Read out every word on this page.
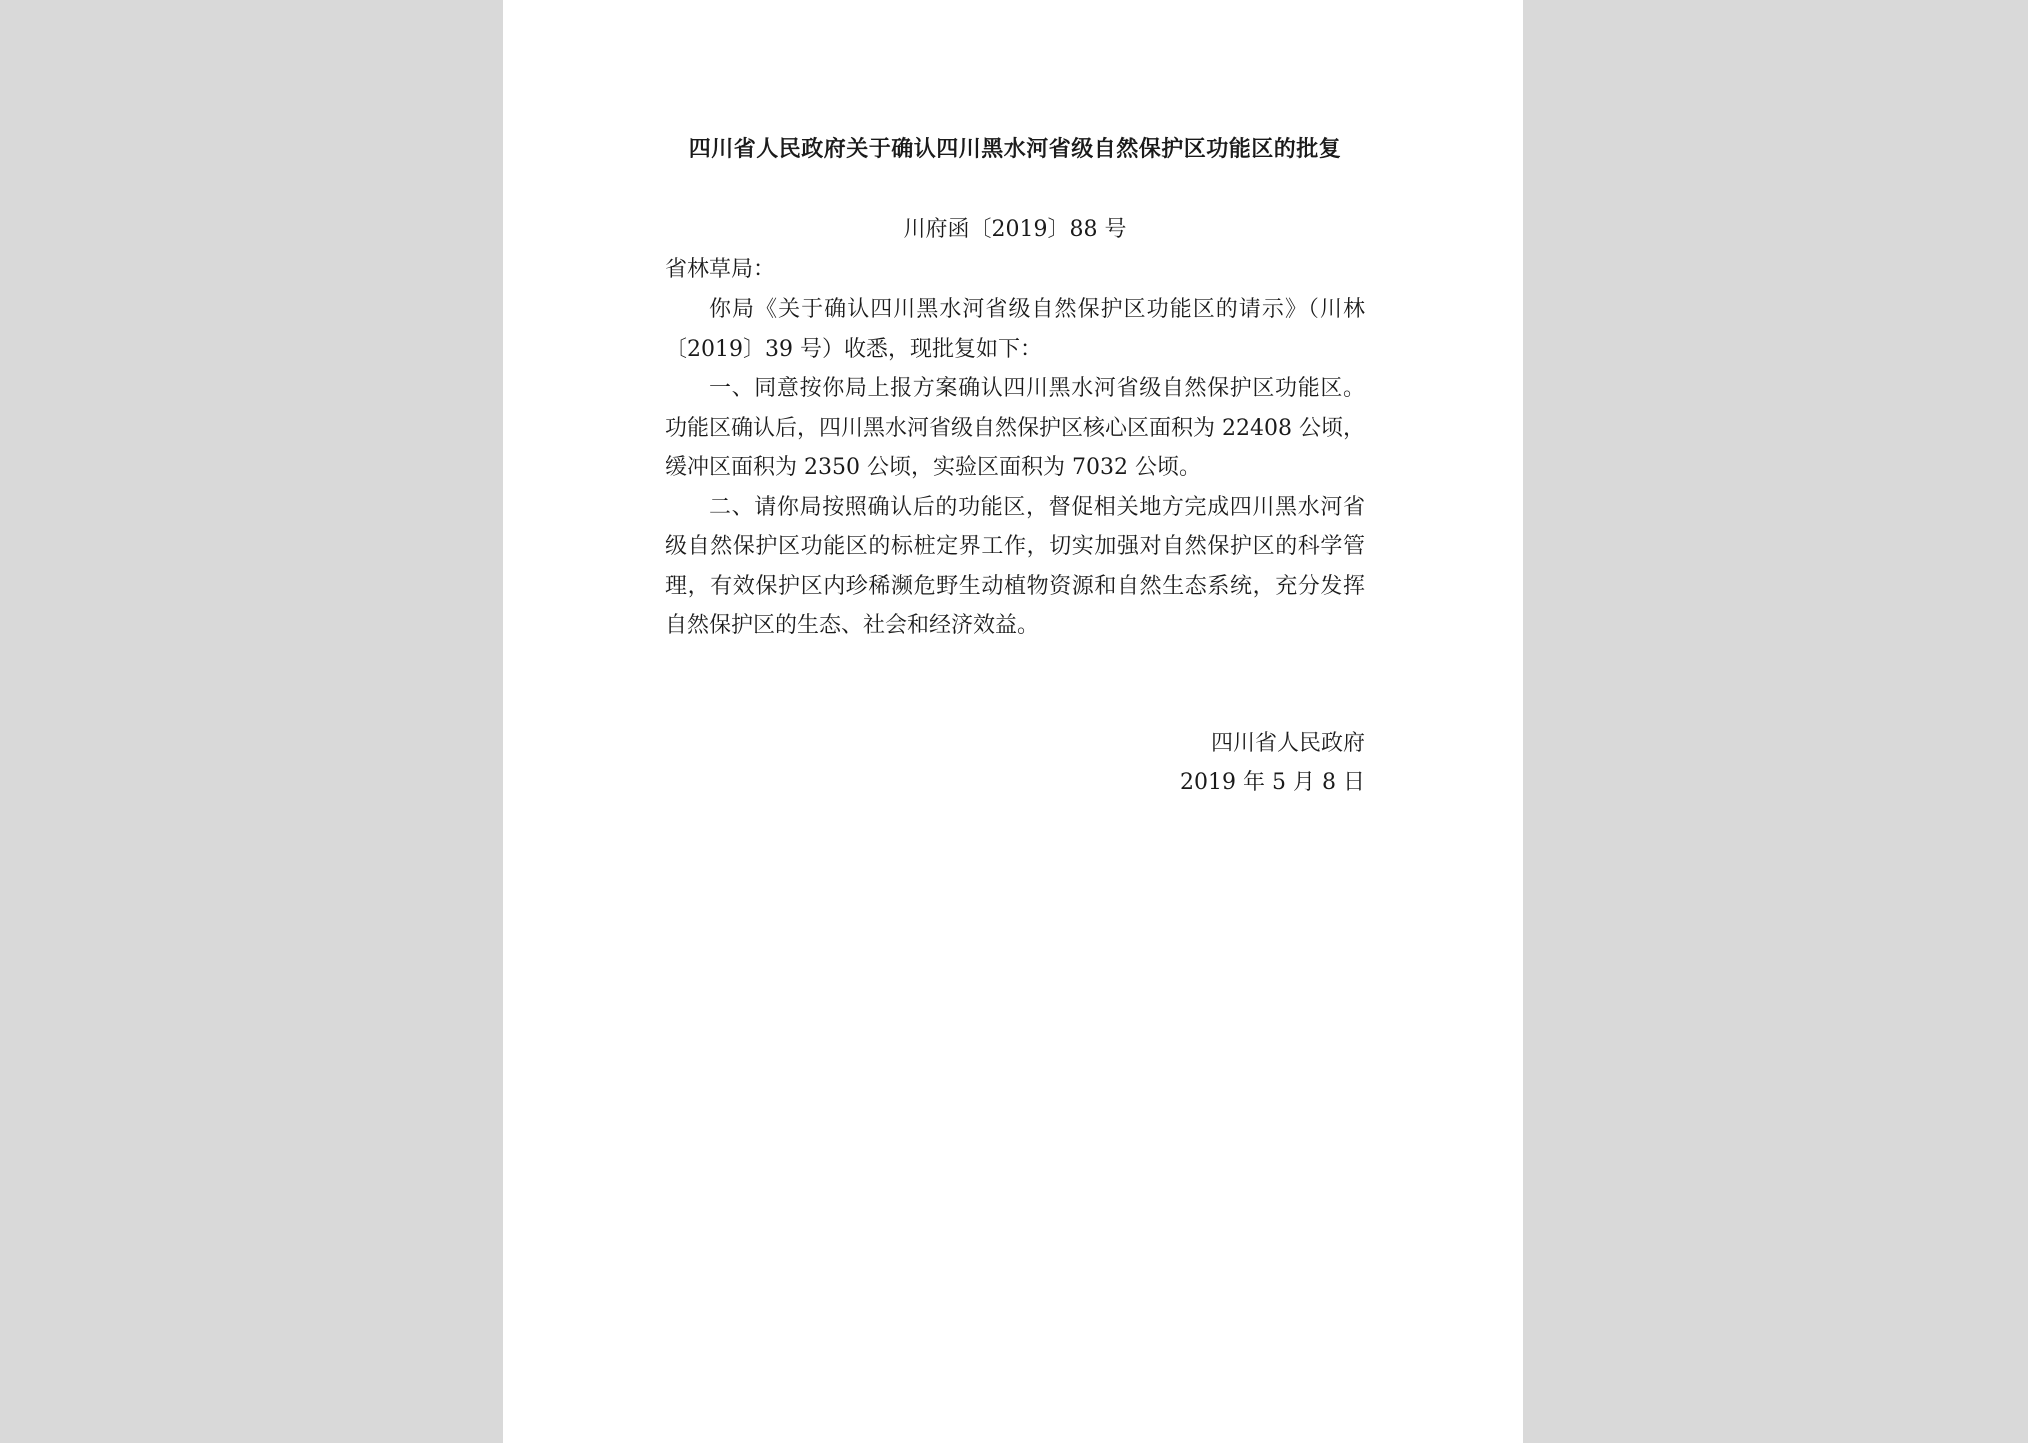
四川省人民政府关于确认四川黑水河省级自然保护区功能区的批复
川府函〔2019〕88 号
省林草局：

你局《关于确认四川黑水河省级自然保护区功能区的请示》（川林〔2019〕39 号）收悉，现批复如下：

一、同意按你局上报方案确认四川黑水河省级自然保护区功能区。功能区确认后，四川黑水河省级自然保护区核心区面积为 22408 公顷，缓冲区面积为 2350 公顷，实验区面积为 7032 公顷。

二、请你局按照确认后的功能区，督促相关地方完成四川黑水河省级自然保护区功能区的标桩定界工作，切实加强对自然保护区的科学管理，有效保护区内珍稀濒危野生动植物资源和自然生态系统，充分发挥自然保护区的生态、社会和经济效益。

四川省人民政府
2019 年 5 月 8 日
